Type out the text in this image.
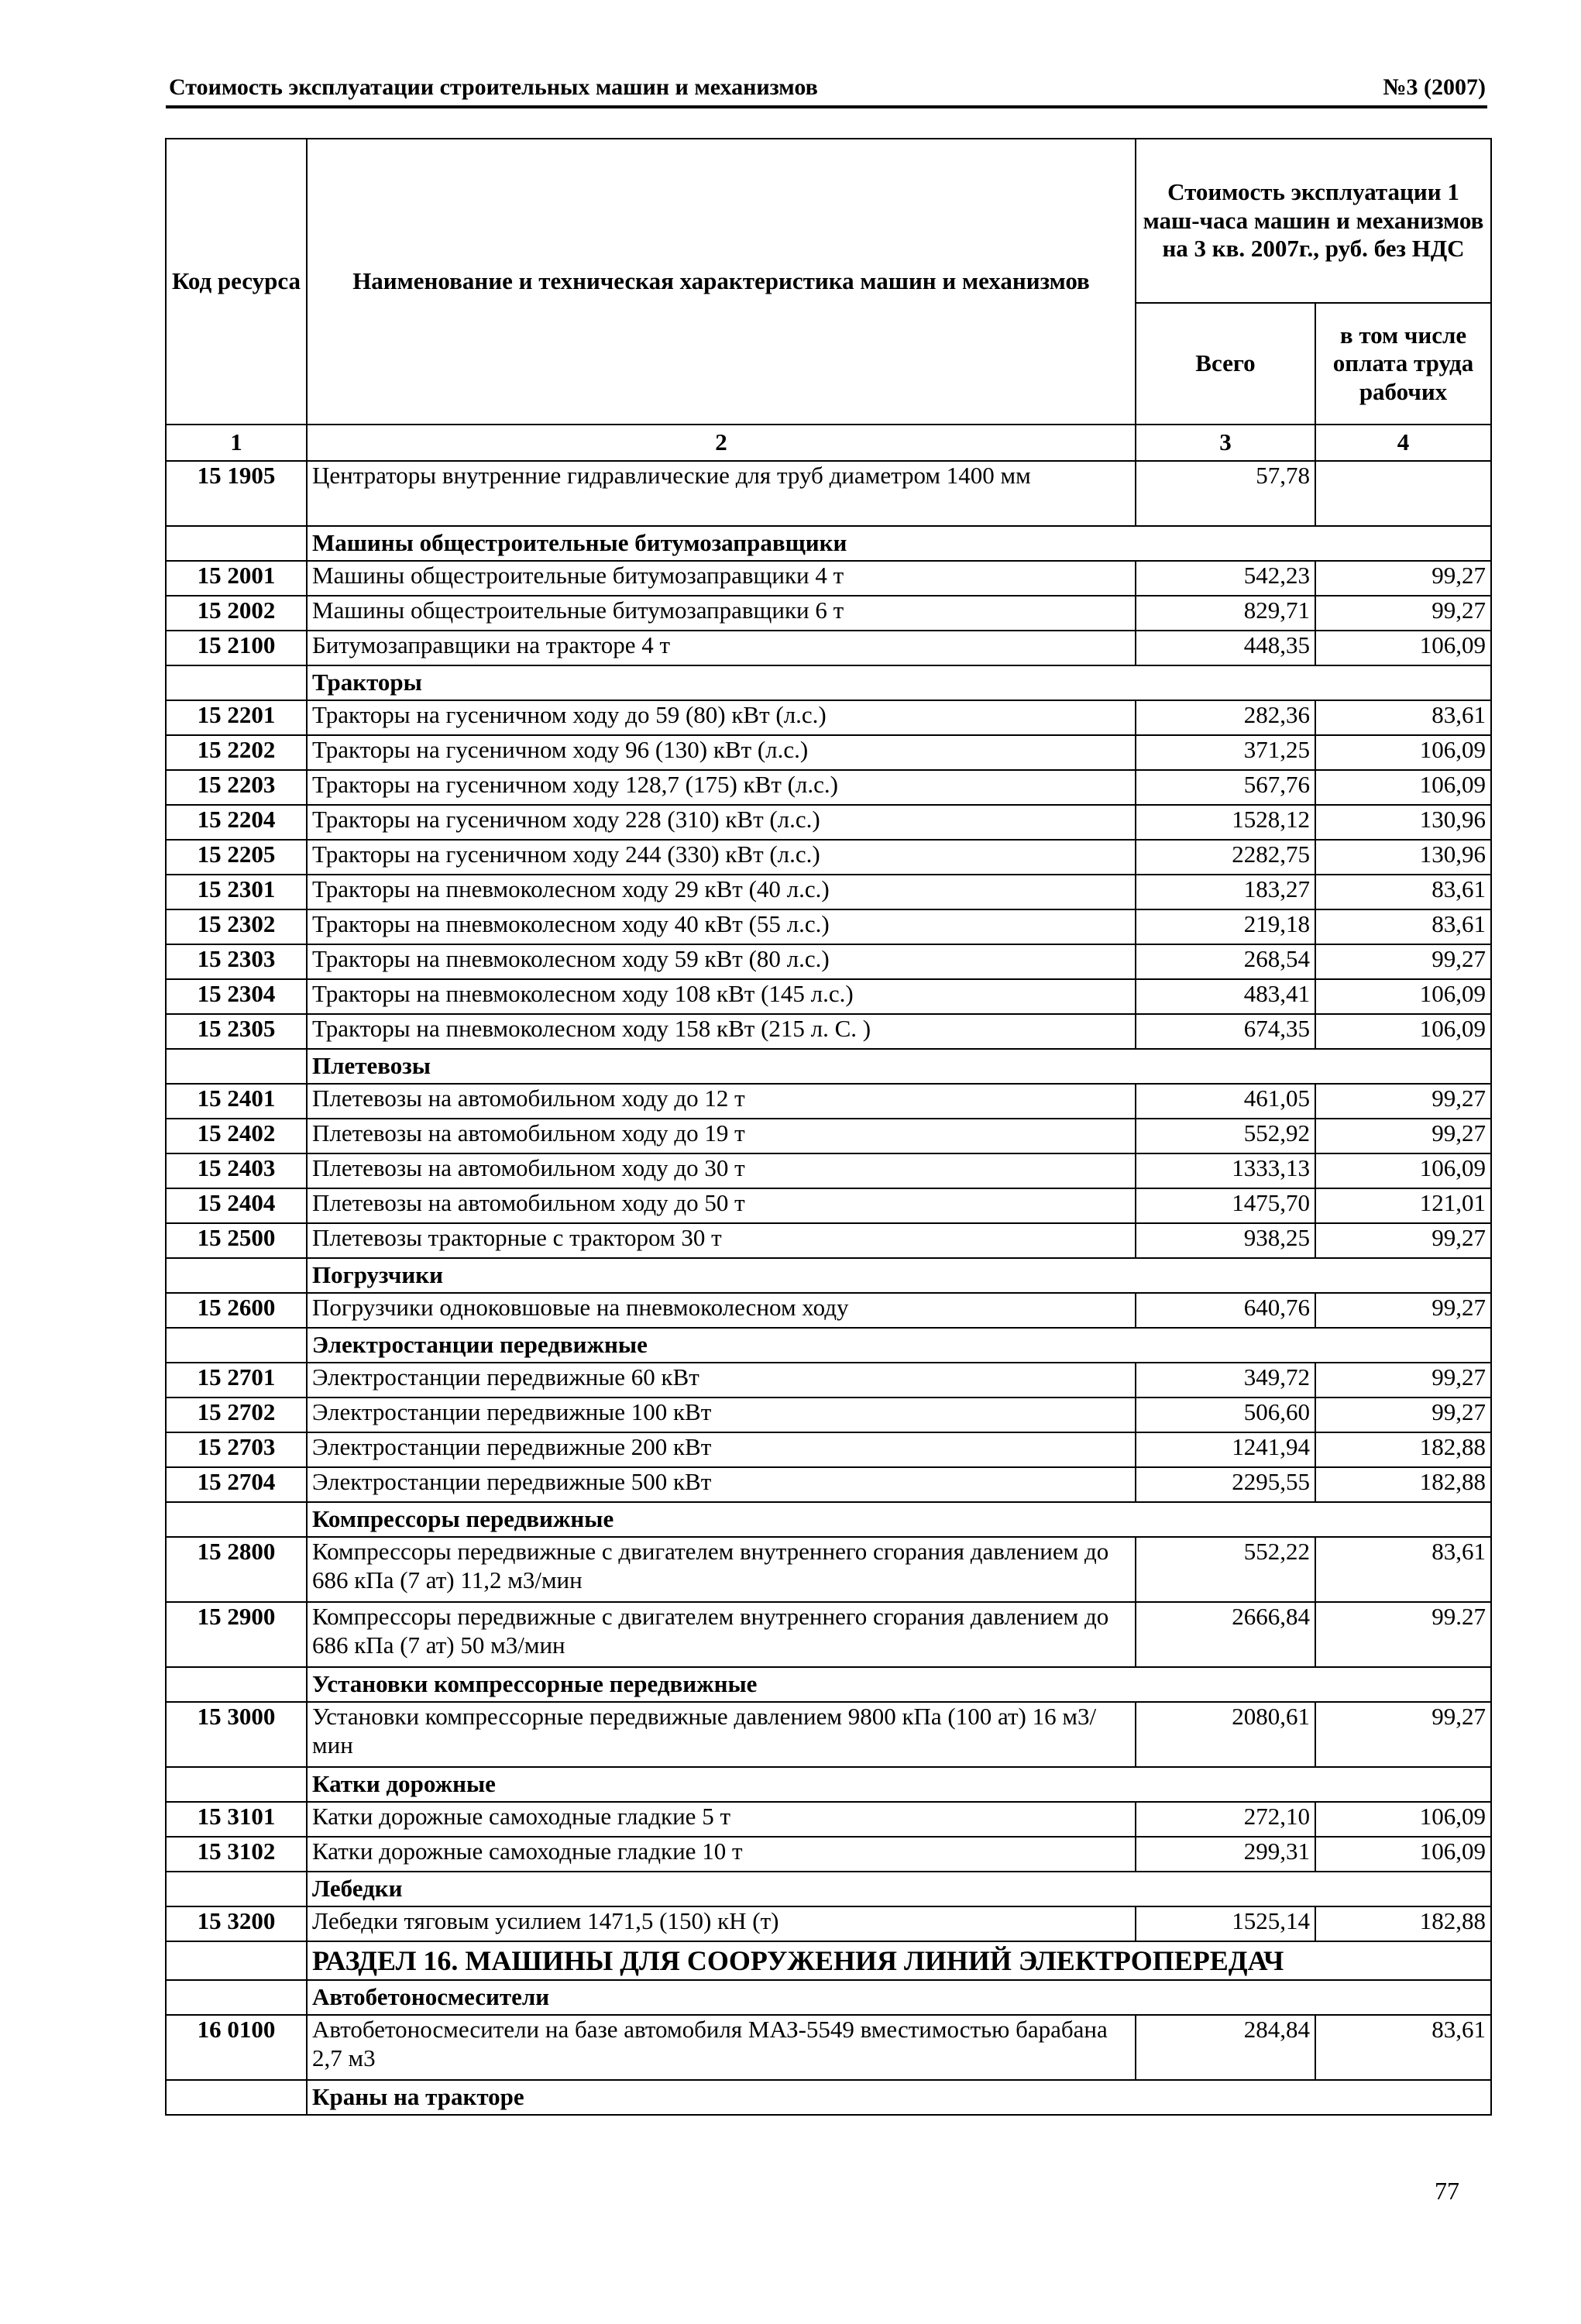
Стоимость эксплуатации строительных машин и механизмов	№3 (2007)
Код ресурса	Наименование и техническая характеристика машин и механизмов	Стоимость эксплуатации 1 маш-часа машин и механизмов на 3 кв. 2007г., руб. без НДС	
		Всего	в том числе оплата труда рабочих
1	2	3	4
15 1905	Центраторы внутренние гидравлические для труб диаметром 1400 мм	57,78	
	Машины общестроительные битумозаправщики		
15 2001	Машины общестроительные битумозаправщики 4 т	542,23	99,27
15 2002	Машины общестроительные битумозаправщики 6 т	829,71	99,27
15 2100	Битумозаправщики на тракторе 4 т	448,35	106,09
	Тракторы		
15 2201	Тракторы на гусеничном ходу до 59 (80) кВт (л.с.)	282,36	83,61
15 2202	Тракторы на гусеничном ходу 96 (130) кВт (л.с.)	371,25	106,09
15 2203	Тракторы на гусеничном ходу 128,7 (175) кВт (л.с.)	567,76	106,09
15 2204	Тракторы на гусеничном ходу 228 (310) кВт (л.с.)	1528,12	130,96
15 2205	Тракторы на гусеничном ходу 244 (330) кВт (л.с.)	2282,75	130,96
15 2301	Тракторы на пневмоколесном ходу 29 кВт (40 л.с.)	183,27	83,61
15 2302	Тракторы на пневмоколесном ходу 40 кВт (55 л.с.)	219,18	83,61
15 2303	Тракторы на пневмоколесном ходу 59 кВт (80 л.с.)	268,54	99,27
15 2304	Тракторы на пневмоколесном ходу 108 кВт (145 л.с.)	483,41	106,09
15 2305	Тракторы на пневмоколесном ходу 158 кВт (215 л. С. )	674,35	106,09
	Плетевозы		
15 2401	Плетевозы на автомобильном ходу до 12 т	461,05	99,27
15 2402	Плетевозы на автомобильном ходу до 19 т	552,92	99,27
15 2403	Плетевозы на автомобильном ходу до 30 т	1333,13	106,09
15 2404	Плетевозы на автомобильном ходу до 50 т	1475,70	121,01
15 2500	Плетевозы тракторные с трактором 30 т	938,25	99,27
	Погрузчики		
15 2600	Погрузчики одноковшовые на пневмоколесном ходу	640,76	99,27
	Электростанции передвижные		
15 2701	Электростанции передвижные 60 кВт	349,72	99,27
15 2702	Электростанции передвижные 100 кВт	506,60	99,27
15 2703	Электростанции передвижные 200 кВт	1241,94	182,88
15 2704	Электростанции передвижные 500 кВт	2295,55	182,88
	Компрессоры передвижные		
15 2800	Компрессоры передвижные с двигателем внутреннего сгорания давлением до 686 кПа (7 ат) 11,2 м3/мин	552,22	83,61
15 2900	Компрессоры передвижные с двигателем внутреннего сгорания давлением до 686 кПа (7 ат) 50 м3/мин	2666,84	99.27
	Установки компрессорные передвижные		
15 3000	Установки компрессорные передвижные давлением 9800 кПа (100 ат) 16 м3/мин	2080,61	99,27
	Катки дорожные		
15 3101	Катки дорожные самоходные гладкие 5 т	272,10	106,09
15 3102	Катки дорожные самоходные гладкие 10 т	299,31	106,09
	Лебедки		
15 3200	Лебедки тяговым усилием 1471,5 (150) кН (т)	1525,14	182,88
	РАЗДЕЛ 16. МАШИНЫ ДЛЯ СООРУЖЕНИЯ ЛИНИЙ ЭЛЕКТРОПЕРЕДАЧ		
	Автобетоносмесители		
16 0100	Автобетоносмесители на базе автомобиля МАЗ-5549 вместимостью барабана 2,7 м3	284,84	83,61
	Краны на тракторе		
77
